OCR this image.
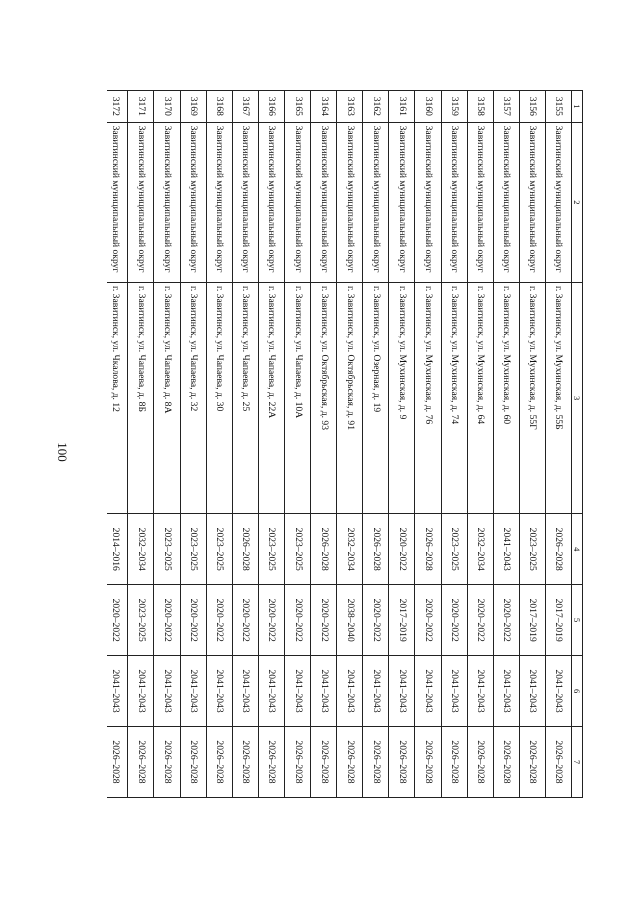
100
1	2	3	4	5	6	7
3155	Завитинский муниципальный округ	г. Завитинск, ул. Мухинская, д. 55Б	2026–2028	2017–2019	2041–2043	2026–2028
3156	Завитинский муниципальный округ	г. Завитинск, ул. Мухинская, д. 55Г	2023–2025	2017–2019	2041–2043	2026–2028
3157	Завитинский муниципальный округ	г. Завитинск, ул. Мухинская, д. 60	2041–2043	2020–2022	2041–2043	2026–2028
3158	Завитинский муниципальный округ	г. Завитинск, ул. Мухинская, д. 64	2032–2034	2020–2022	2041–2043	2026–2028
3159	Завитинский муниципальный округ	г. Завитинск, ул. Мухинская, д. 74	2023–2025	2020–2022	2041–2043	2026–2028
3160	Завитинский муниципальный округ	г. Завитинск, ул. Мухинская, д. 76	2026–2028	2020–2022	2041–2043	2026–2028
3161	Завитинский муниципальный округ	г. Завитинск, ул. Мухинская, д. 9	2020–2022	2017–2019	2041–2043	2026–2028
3162	Завитинский муниципальный округ	г. Завитинск, ул. Озерная, д. 19	2026–2028	2020–2022	2041–2043	2026–2028
3163	Завитинский муниципальный округ	г. Завитинск, ул. Октябрьская, д. 91	2032–2034	2038–2040	2041–2043	2026–2028
3164	Завитинский муниципальный округ	г. Завитинск, ул. Октябрьская, д. 93	2026–2028	2020–2022	2041–2043	2026–2028
3165	Завитинский муниципальный округ	г. Завитинск, ул. Чапаева, д. 10А	2023–2025	2020–2022	2041–2043	2026–2028
3166	Завитинский муниципальный округ	г. Завитинск, ул. Чапаева, д. 22А	2023–2025	2020–2022	2041–2043	2026–2028
3167	Завитинский муниципальный округ	г. Завитинск, ул. Чапаева, д. 25	2026–2028	2020–2022	2041–2043	2026–2028
3168	Завитинский муниципальный округ	г. Завитинск, ул. Чапаева, д. 30	2023–2025	2020–2022	2041–2043	2026–2028
3169	Завитинский муниципальный округ	г. Завитинск, ул. Чапаева, д. 32	2023–2025	2020–2022	2041–2043	2026–2028
3170	Завитинский муниципальный округ	г. Завитинск, ул. Чапаева, д. 8А	2023–2025	2020–2022	2041–2043	2026–2028
3171	Завитинский муниципальный округ	г. Завитинск, ул. Чапаева, д. 8Б	2032–2034	2023–2025	2041–2043	2026–2028
3172	Завитинский муниципальный округ	г. Завитинск, ул. Чкалова, д. 12	2014–2016	2020–2022	2041–2043	2026–2028
